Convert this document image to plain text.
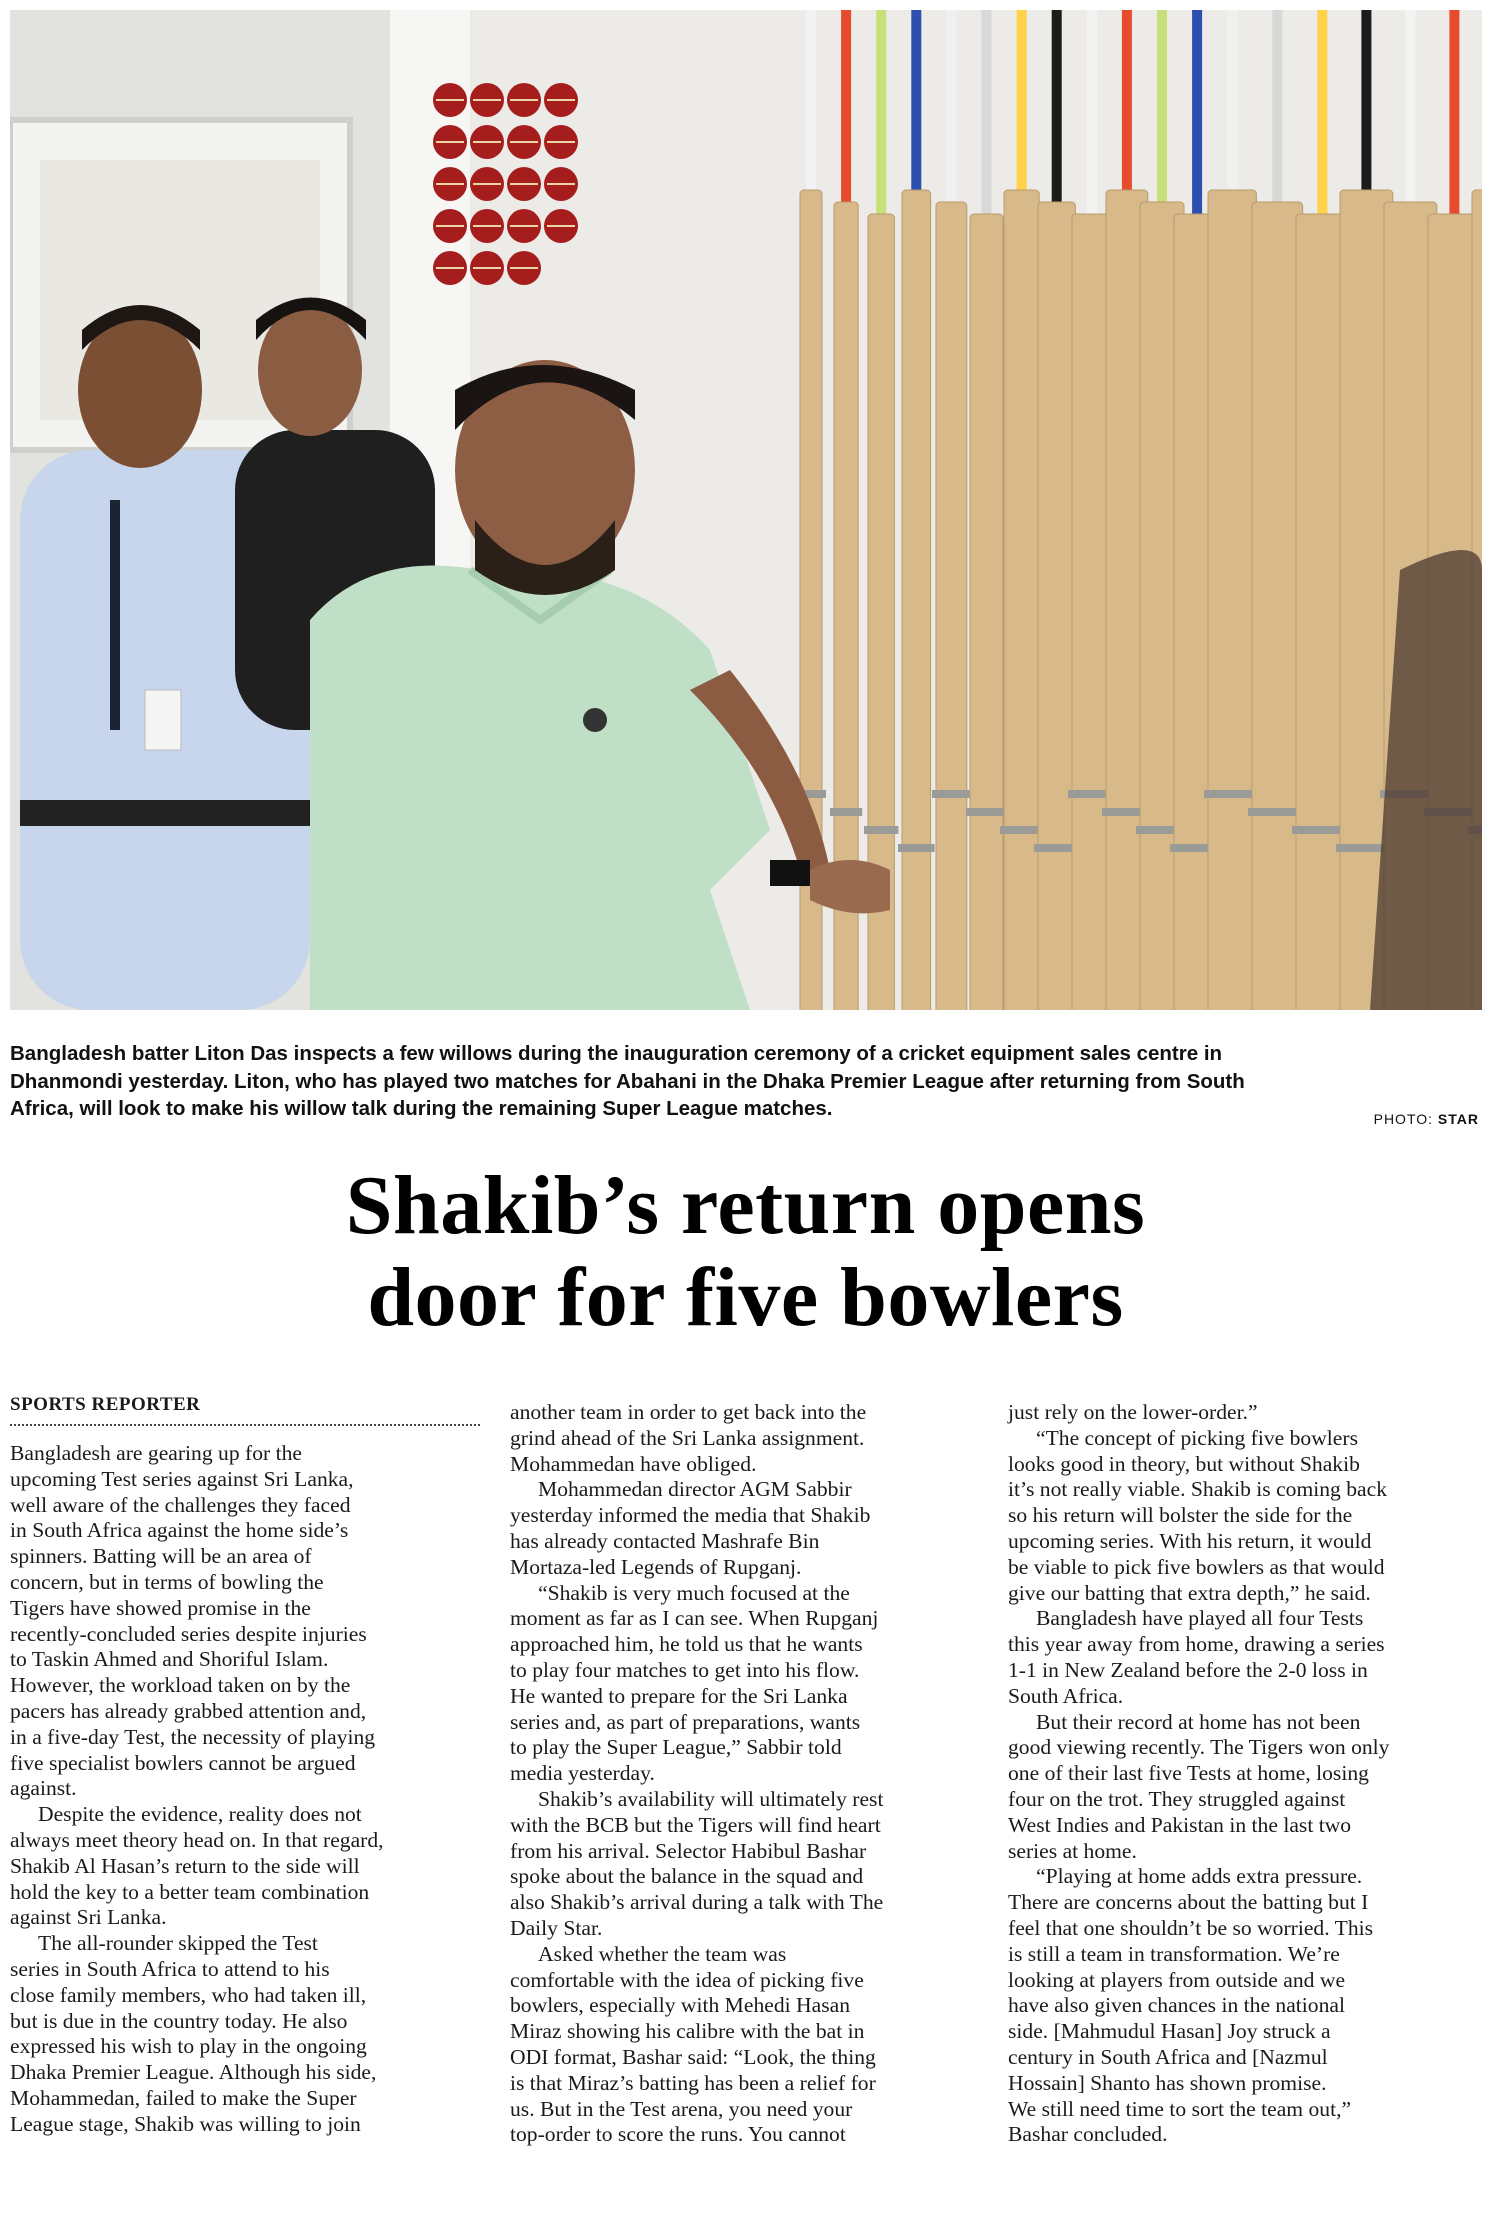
Bangladesh batter Liton Das inspects a few willows during the inauguration ceremony of a cricket equipment sales centre in
Dhanmondi yesterday. Liton, who has played two matches for Abahani in the Dhaka Premier League after returning from South
Africa, will look to make his willow talk during the remaining Super League matches.	PHOTO: STAR
Shakib’s return opens
door for five bowlers
SPORTS REPORTER
Bangladesh are gearing up for the
upcoming Test series against Sri Lanka,
well aware of the challenges they faced
in South Africa against the home side’s
spinners. Batting will be an area of
concern, but in terms of bowling the
Tigers have showed promise in the
recently-concluded series despite injuries
to Taskin Ahmed and Shoriful Islam.
However, the workload taken on by the
pacers has already grabbed attention and,
in a five-day Test, the necessity of playing
five specialist bowlers cannot be argued
against.
Despite the evidence, reality does not
always meet theory head on. In that regard,
Shakib Al Hasan’s return to the side will
hold the key to a better team combination
against Sri Lanka.
The all-rounder skipped the Test
series in South Africa to attend to his
close family members, who had taken ill,
but is due in the country today. He also
expressed his wish to play in the ongoing
Dhaka Premier League. Although his side,
Mohammedan, failed to make the Super
League stage, Shakib was willing to join
another team in order to get back into the
grind ahead of the Sri Lanka assignment.
Mohammedan have obliged.
Mohammedan director AGM Sabbir
yesterday informed the media that Shakib
has already contacted Mashrafe Bin
Mortaza-led Legends of Rupganj.
“Shakib is very much focused at the
moment as far as I can see. When Rupganj
approached him, he told us that he wants
to play four matches to get into his flow.
He wanted to prepare for the Sri Lanka
series and, as part of preparations, wants
to play the Super League,” Sabbir told
media yesterday.
Shakib’s availability will ultimately rest
with the BCB but the Tigers will find heart
from his arrival. Selector Habibul Bashar
spoke about the balance in the squad and
also Shakib’s arrival during a talk with The
Daily Star.
Asked whether the team was
comfortable with the idea of picking five
bowlers, especially with Mehedi Hasan
Miraz showing his calibre with the bat in
ODI format, Bashar said: “Look, the thing
is that Miraz’s batting has been a relief for
us. But in the Test arena, you need your
top-order to score the runs. You cannot
just rely on the lower-order.”
“The concept of picking five bowlers
looks good in theory, but without Shakib
it’s not really viable. Shakib is coming back
so his return will bolster the side for the
upcoming series. With his return, it would
be viable to pick five bowlers as that would
give our batting that extra depth,” he said.
Bangladesh have played all four Tests
this year away from home, drawing a series
1-1 in New Zealand before the 2-0 loss in
South Africa.
But their record at home has not been
good viewing recently. The Tigers won only
one of their last five Tests at home, losing
four on the trot. They struggled against
West Indies and Pakistan in the last two
series at home.
“Playing at home adds extra pressure.
There are concerns about the batting but I
feel that one shouldn’t be so worried. This
is still a team in transformation. We’re
looking at players from outside and we
have also given chances in the national
side. [Mahmudul Hasan] Joy struck a
century in South Africa and [Nazmul
Hossain] Shanto has shown promise.
We still need time to sort the team out,”
Bashar concluded.
